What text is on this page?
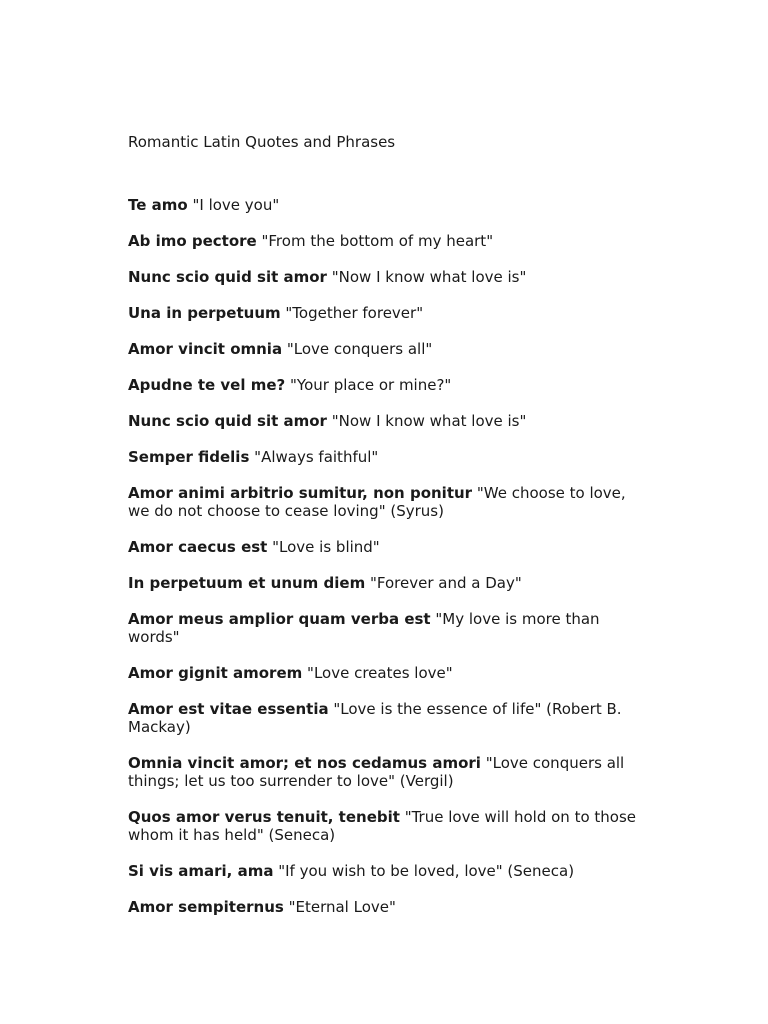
Romantic Latin Quotes and Phrases
Te amo "I love you"
Ab imo pectore "From the bottom of my heart"
Nunc scio quid sit amor "Now I know what love is"
Una in perpetuum "Together forever"
Amor vincit omnia "Love conquers all"
Apudne te vel me? "Your place or mine?"
Nunc scio quid sit amor "Now I know what love is"
Semper fidelis "Always faithful"
Amor animi arbitrio sumitur, non ponitur "We choose to love, we do not choose to cease loving" (Syrus)
Amor caecus est "Love is blind"
In perpetuum et unum diem "Forever and a Day"
Amor meus amplior quam verba est "My love is more than words"
Amor gignit amorem "Love creates love"
Amor est vitae essentia "Love is the essence of life" (Robert B. Mackay)
Omnia vincit amor; et nos cedamus amori "Love conquers all things; let us too surrender to love" (Vergil)
Quos amor verus tenuit, tenebit "True love will hold on to those whom it has held" (Seneca)
Si vis amari, ama "If you wish to be loved, love" (Seneca)
Amor sempiternus "Eternal Love"
